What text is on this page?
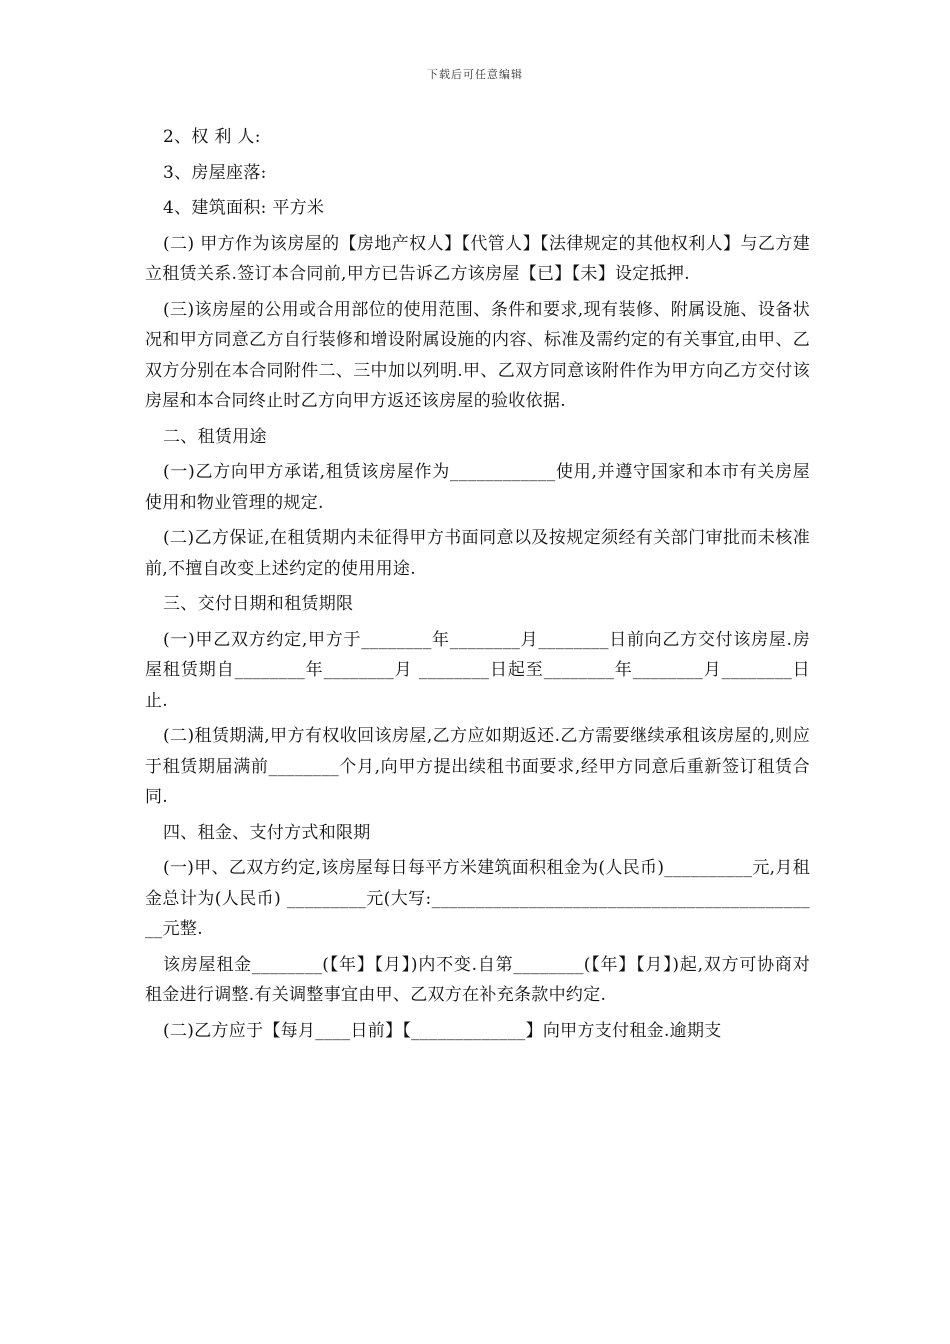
下载后可任意编辑

2、权 利 人:

3、房屋座落:

4、建筑面积: 平方米

(二) 甲方作为该房屋的【房地产权人】【代管人】【法律规定的其他权利人】与乙方建立租赁关系.签订本合同前,甲方已告诉乙方该房屋【已】【未】设定抵押.

(三)该房屋的公用或合用部位的使用范围、条件和要求,现有装修、附属设施、设备状况和甲方同意乙方自行装修和增设附属设施的内容、标准及需约定的有关事宜,由甲、乙双方分别在本合同附件二、三中加以列明.甲、乙双方同意该附件作为甲方向乙方交付该房屋和本合同终止时乙方向甲方返还该房屋的验收依据.

二、租赁用途

(一)乙方向甲方承诺,租赁该房屋作为____________使用,并遵守国家和本市有关房屋使用和物业管理的规定.

(二)乙方保证,在租赁期内未征得甲方书面同意以及按规定须经有关部门审批而未核准前,不擅自改变上述约定的使用用途.

三、交付日期和租赁期限

(一)甲乙双方约定,甲方于________年________月________日前向乙方交付该房屋.房屋租赁期自________年________月 ________日起至________年________月________日止.

(二)租赁期满,甲方有权收回该房屋,乙方应如期返还.乙方需要继续承租该房屋的,则应于租赁期届满前________个月,向甲方提出续租书面要求,经甲方同意后重新签订租赁合同.

四、租金、支付方式和限期

(一)甲、乙双方约定,该房屋每日每平方米建筑面积租金为(人民币)__________元,月租金总计为(人民币) _________元(大写:_____________________________________________元整.

该房屋租金________(【年】【月】)内不变.自第________(【年】【月】)起,双方可协商对租金进行调整.有关调整事宜由甲、乙双方在补充条款中约定.

(二)乙方应于【每月____日前】【_____________】向甲方支付租金.逾期支
